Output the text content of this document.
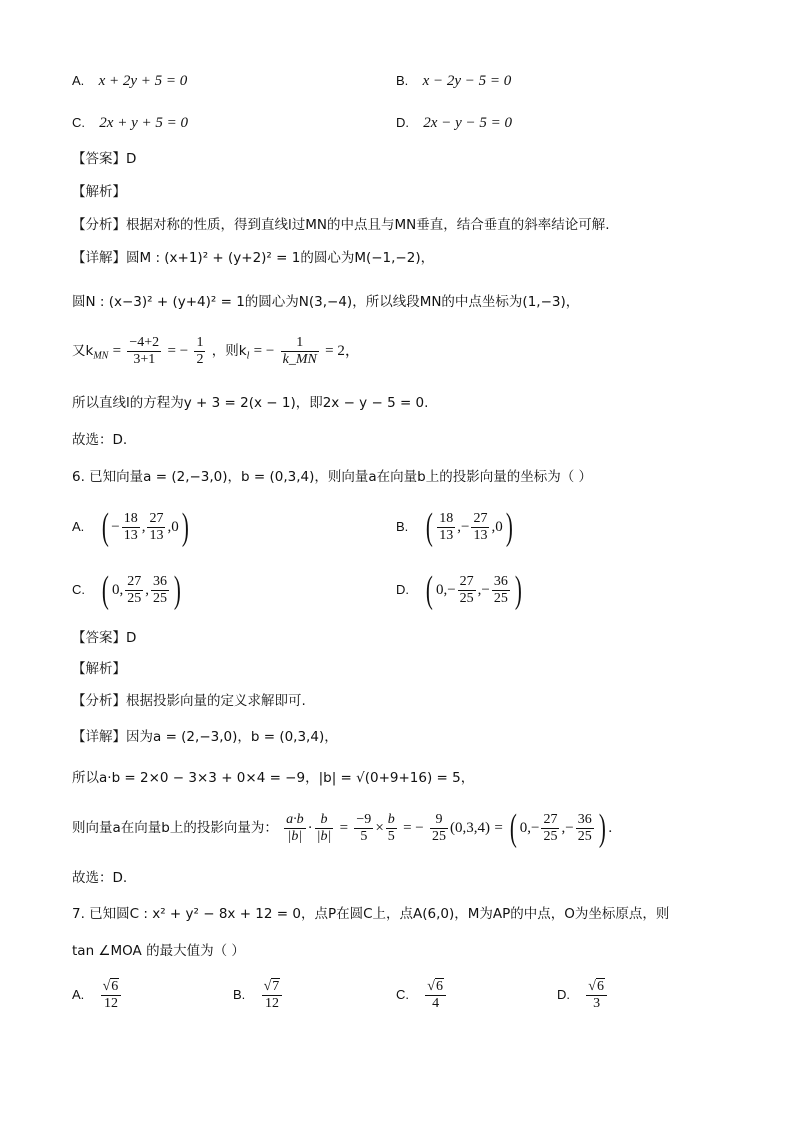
A. x + 2y + 5 = 0	B. x − 2y − 5 = 0
C. 2x + y + 5 = 0	D. 2x − y − 5 = 0
【答案】D
【解析】
【分析】根据对称的性质，得到直线l过MN的中点且与MN垂直，结合垂直的斜率结论可解.
【详解】圆M : (x+1)² + (y+2)² = 1的圆心为M(−1,−2)，
圆N : (x−3)² + (y+4)² = 1的圆心为N(3,−4)，所以线段MN的中点坐标为(1,−3)，
又$k_{MN} = \frac{-4+2}{3+1}$ = − $\frac{1}{2}$ ，则$k_l$ = − $\frac{1}{k\_MN} = 2$，
所以直线l的方程为y + 3 = 2(x − 1)，即2x − y − 5 = 0.
故选：D.
6. 已知向量a = (2,−3,0)，b = (0,3,4)，则向量a在向量b上的投影向量的坐标为（ ）
A. ( − $\frac{18}{13}$ , $\frac{27}{13} ,0$)	B. ( $\frac{18}{13}$ ,− $\frac{27}{13} ,0$)
C. ( 0, $\frac{27}{25}$ , $\frac{36}{25}$ )	D. ( $0,- \frac{27}{25}$ ,− $\frac{36}{25}$ )
【答案】D
【解析】
【分析】根据投影向量的定义求解即可.
【详解】因为a = (2,−3,0)，b = (0,3,4)，
所以a·b = 2×0 − 3×3 + 0×4 = −9，|b| = √(0+9+16) = 5，
则向量a在向量b上的投影向量为： $\frac{a\cdot b}{|b|} \cdot \frac{b}{|b|} = \frac{-9}{5} \times \frac{b}{5}$ = − $\frac{9}{25} (0,3,4)$ = ( $0,- \frac{27}{25}$ ,− $\frac{36}{25}$ ) .
故选：D.
7. 已知圆C : x² + y² − 8x + 12 = 0，点P在圆C上，点A(6,0)，M为AP的中点，O为坐标原点，则
tan ∠MOA 的最大值为（ ）
A. $\frac{√6}{12}$	B. $\frac{√7}{12}$	C. $\frac{√6}{4}$	D. $\frac{√6}{3}$
